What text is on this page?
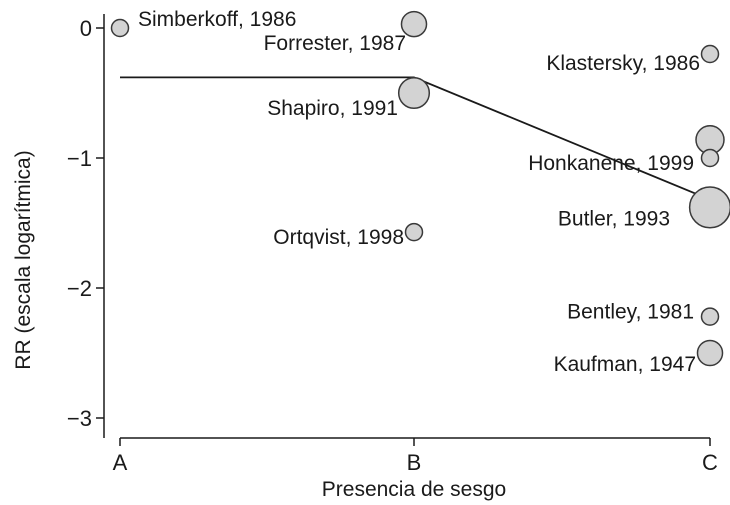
0
−1
−2
−3
A	B	C
Simberkoff, 1986
Forrester, 1987
Shapiro, 1991
Ortqvist, 1998
Klastersky, 1986
Honkanene, 1999
Butler, 1993
Bentley, 1981
Kaufman, 1947
Presencia de sesgo
RR (escala logarítmica)
